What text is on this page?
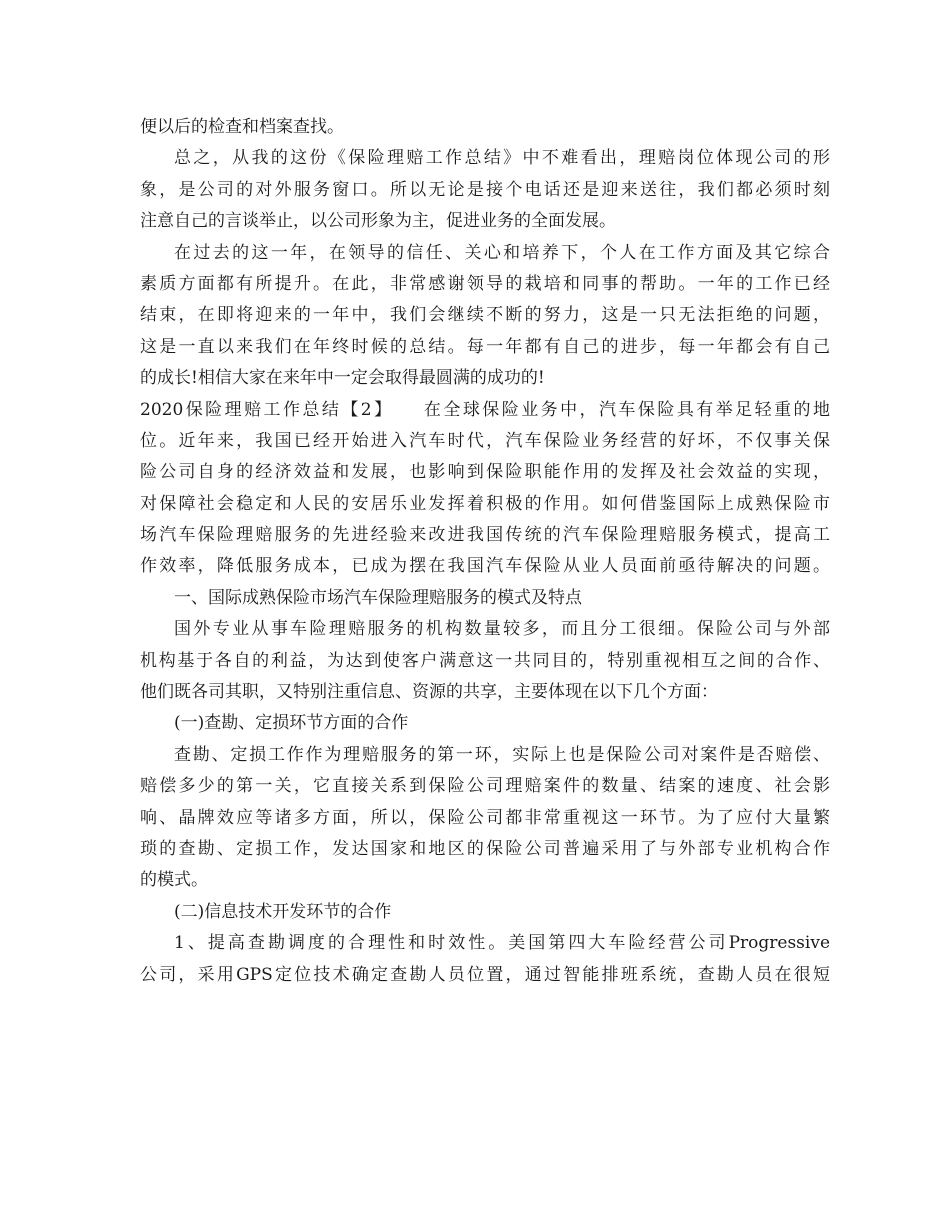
便以后的检查和档案查找。
总之，从我的这份《保险理赔工作总结》中不难看出，理赔岗位体现公司的形
象，是公司的对外服务窗口。所以无论是接个电话还是迎来送往，我们都必须时刻
注意自己的言谈举止，以公司形象为主，促进业务的全面发展。
在过去的这一年，在领导的信任、关心和培养下，个人在工作方面及其它综合
素质方面都有所提升。在此，非常感谢领导的栽培和同事的帮助。一年的工作已经
结束，在即将迎来的一年中，我们会继续不断的努力，这是一只无法拒绝的问题，
这是一直以来我们在年终时候的总结。每一年都有自己的进步，每一年都会有自己
的成长!相信大家在来年中一定会取得最圆满的成功的!
2020保险理赔工作总结【2】　　在全球保险业务中，汽车保险具有举足轻重的地
位。近年来，我国已经开始进入汽车时代，汽车保险业务经营的好坏，不仅事关保
险公司自身的经济效益和发展，也影响到保险职能作用的发挥及社会效益的实现，
对保障社会稳定和人民的安居乐业发挥着积极的作用。如何借鉴国际上成熟保险市
场汽车保险理赔服务的先进经验来改进我国传统的汽车保险理赔服务模式，提高工
作效率，降低服务成本，已成为摆在我国汽车保险从业人员面前亟待解决的问题。
一、国际成熟保险市场汽车保险理赔服务的模式及特点
国外专业从事车险理赔服务的机构数量较多，而且分工很细。保险公司与外部
机构基于各自的利益，为达到使客户满意这一共同目的，特别重视相互之间的合作、
他们既各司其职，又特别注重信息、资源的共享，主要体现在以下几个方面：
(一)查勘、定损环节方面的合作
查勘、定损工作作为理赔服务的第一环，实际上也是保险公司对案件是否赔偿、
赔偿多少的第一关，它直接关系到保险公司理赔案件的数量、结案的速度、社会影
响、晶牌效应等诸多方面，所以，保险公司都非常重视这一环节。为了应付大量繁
琐的查勘、定损工作，发达国家和地区的保险公司普遍采用了与外部专业机构合作
的模式。
(二)信息技术开发环节的合作
1、提高查勘调度的合理性和时效性。美国第四大车险经营公司Progressive
公司，采用GPS定位技术确定查勘人员位置，通过智能排班系统，查勘人员在很短
